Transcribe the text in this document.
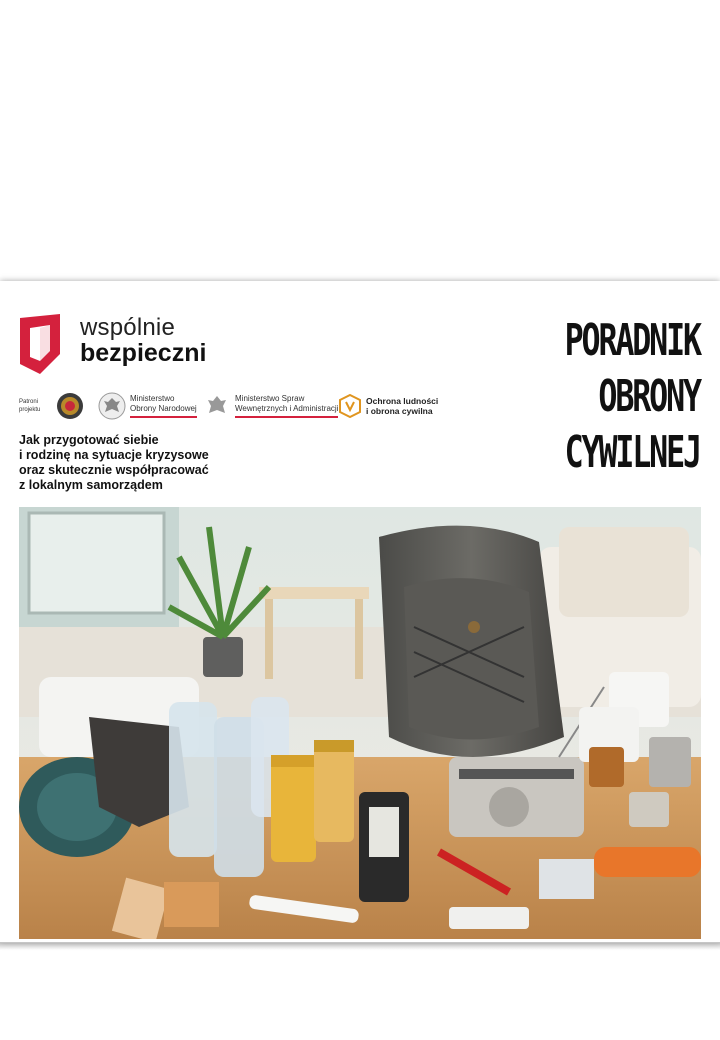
wspólnie
bezpieczni	PORADNIK
OBRONY
CYWILNEJ
Patroni projektu
Ministerstwo
Obrony Narodowej
Ministerstwo Spraw
Wewnętrznych i Administracji
Ochrona ludności
i obrona cywilna
Jak przygotować siebie
i rodzinę na sytuacje kryzysowe
oraz skutecznie współpracować
z lokalnym samorządem
